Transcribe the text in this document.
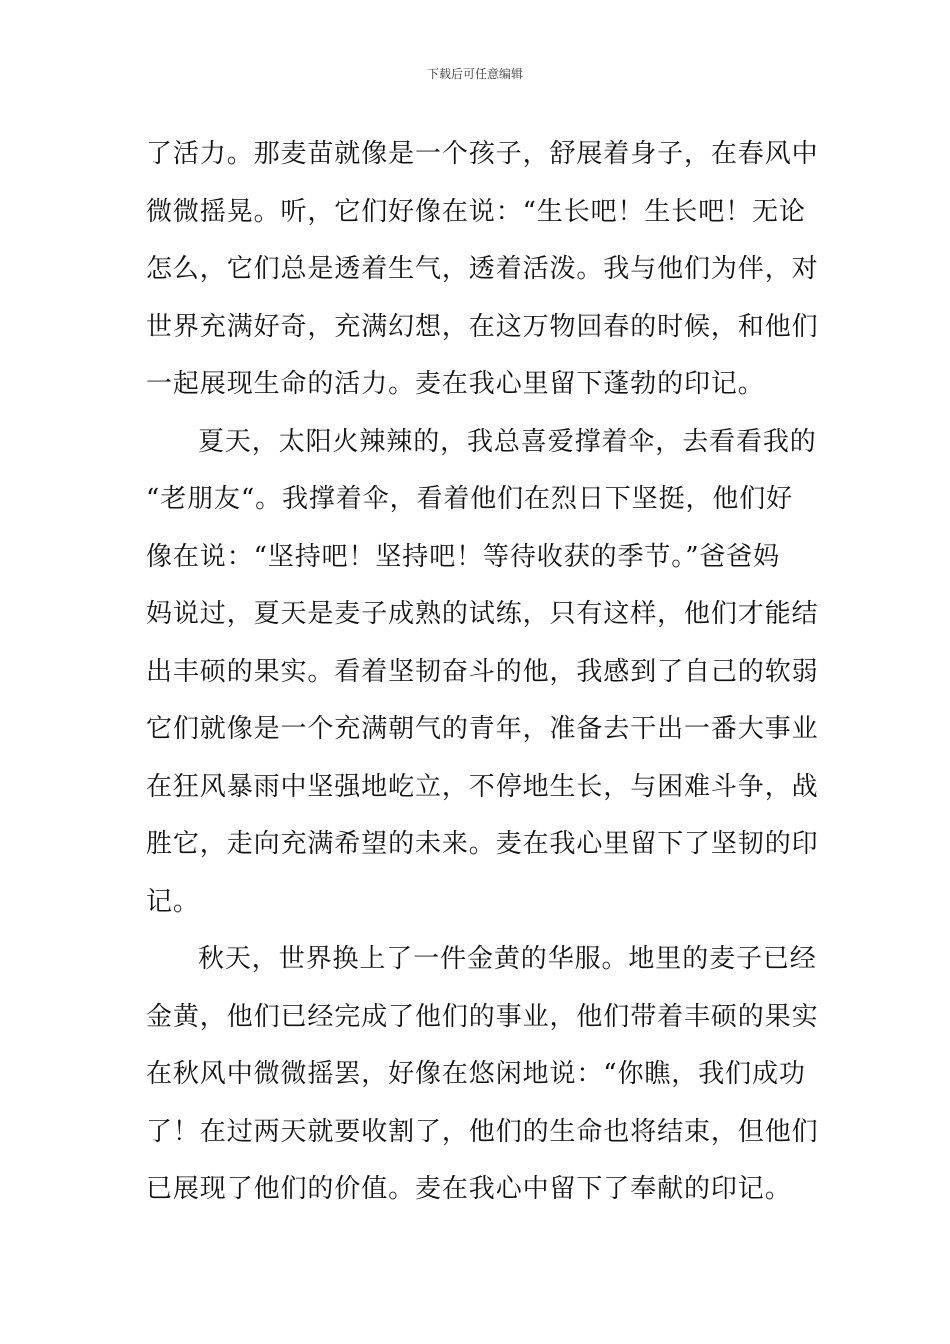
下载后可任意编辑
了活力。那麦苗就像是一个孩子，舒展着身子，在春风中
微微摇晃。听，它们好像在说：“生长吧！生长吧！无论
怎么，它们总是透着生气，透着活泼。我与他们为伴，对
世界充满好奇，充满幻想，在这万物回春的时候，和他们
一起展现生命的活力。麦在我心里留下蓬勃的印记。
夏天，太阳火辣辣的，我总喜爱撑着伞，去看看我的
“老朋友“。我撑着伞，看着他们在烈日下坚挺，他们好
像在说：“坚持吧！坚持吧！等待收获的季节。”爸爸妈
妈说过，夏天是麦子成熟的试练，只有这样，他们才能结
出丰硕的果实。看着坚韧奋斗的他，我感到了自己的软弱
它们就像是一个充满朝气的青年，准备去干出一番大事业
在狂风暴雨中坚强地屹立，不停地生长，与困难斗争，战
胜它，走向充满希望的未来。麦在我心里留下了坚韧的印
记。
秋天，世界换上了一件金黄的华服。地里的麦子已经
金黄，他们已经完成了他们的事业，他们带着丰硕的果实
在秋风中微微摇罢，好像在悠闲地说：“你瞧，我们成功
了！在过两天就要收割了，他们的生命也将结束，但他们
已展现了他们的价值。麦在我心中留下了奉献的印记。
